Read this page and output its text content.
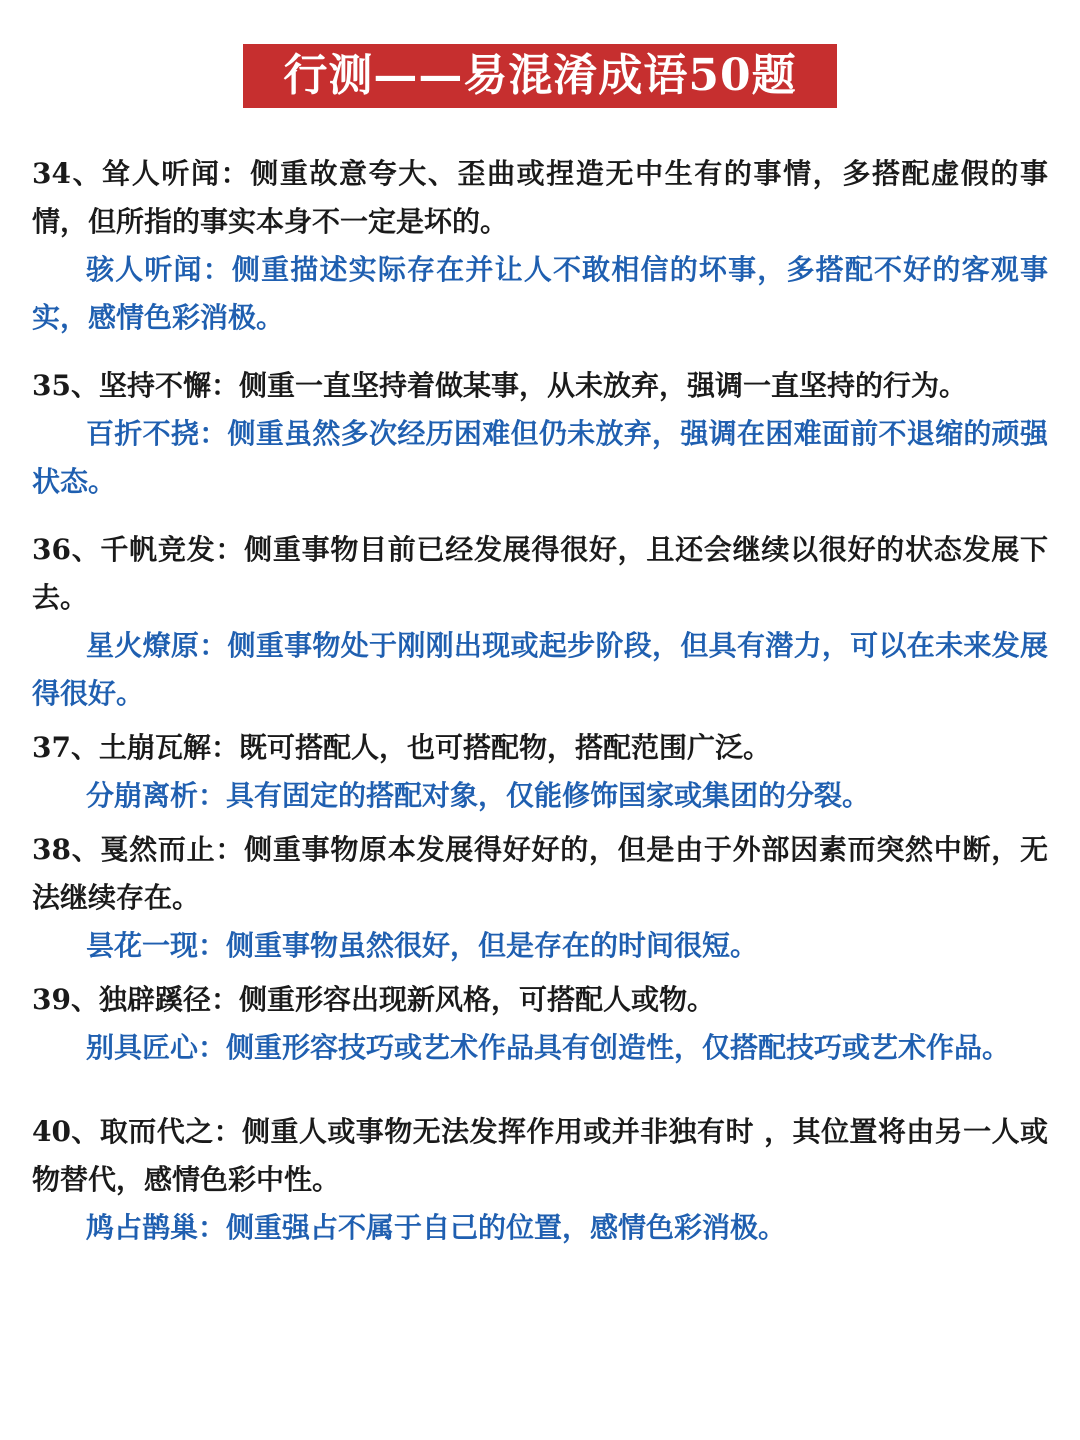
行测——易混淆成语50题

34、耸人听闻：侧重故意夸大、歪曲或捏造无中生有的事情，多搭配虚假的事情，但所指的事实本身不一定是坏的。

骇人听闻：侧重描述实际存在并让人不敢相信的坏事，多搭配不好的客观事实，感情色彩消极。

35、坚持不懈：侧重一直坚持着做某事，从未放弃，强调一直坚持的行为。

百折不挠：侧重虽然多次经历困难但仍未放弃，强调在困难面前不退缩的顽强状态。

36、千帆竞发：侧重事物目前已经发展得很好，且还会继续以很好的状态发展下去。

星火燎原：侧重事物处于刚刚出现或起步阶段，但具有潜力，可以在未来发展得很好。

37、土崩瓦解：既可搭配人，也可搭配物，搭配范围广泛。

分崩离析：具有固定的搭配对象，仅能修饰国家或集团的分裂。

38、戛然而止：侧重事物原本发展得好好的，但是由于外部因素而突然中断，无法继续存在。

昙花一现：侧重事物虽然很好，但是存在的时间很短。

39、独辟蹊径：侧重形容出现新风格，可搭配人或物。

别具匠心：侧重形容技巧或艺术作品具有创造性，仅搭配技巧或艺术作品。

40、取而代之：侧重人或事物无法发挥作用或并非独有时 ，其位置将由另一人或物替代，感情色彩中性。

鸠占鹊巢：侧重强占不属于自己的位置，感情色彩消极。
